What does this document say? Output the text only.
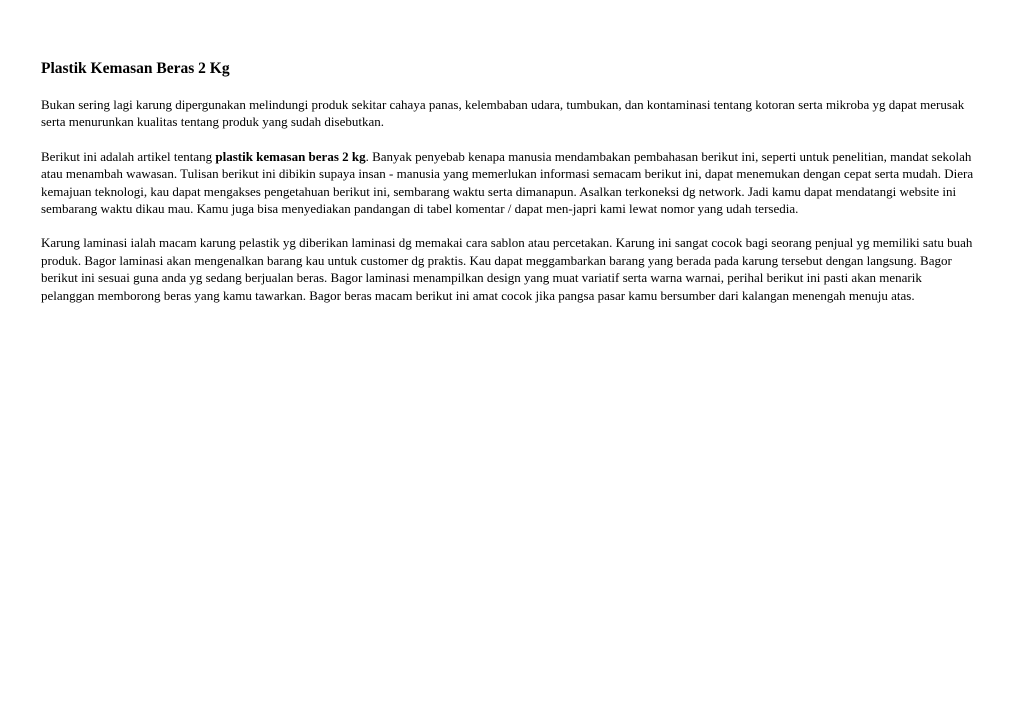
Plastik Kemasan Beras 2 Kg

Bukan sering lagi karung dipergunakan melindungi produk sekitar cahaya panas, kelembaban udara, tumbukan, dan kontaminasi tentang kotoran serta mikroba yg dapat merusak serta menurunkan kualitas tentang produk yang sudah disebutkan.

Berikut ini adalah artikel tentang plastik kemasan beras 2 kg. Banyak penyebab kenapa manusia mendambakan pembahasan berikut ini, seperti untuk penelitian, mandat sekolah atau menambah wawasan. Tulisan berikut ini dibikin supaya insan - manusia yang memerlukan informasi semacam berikut ini, dapat menemukan dengan cepat serta mudah. Diera kemajuan teknologi, kau dapat mengakses pengetahuan berikut ini, sembarang waktu serta dimanapun. Asalkan terkoneksi dg network. Jadi kamu dapat mendatangi website ini sembarang waktu dikau mau. Kamu juga bisa menyediakan pandangan di tabel komentar / dapat men-japri kami lewat nomor yang udah tersedia.

Karung laminasi ialah macam karung pelastik yg diberikan laminasi dg memakai cara sablon atau percetakan. Karung ini sangat cocok bagi seorang penjual yg memiliki satu buah produk. Bagor laminasi akan mengenalkan barang kau untuk customer dg praktis. Kau dapat meggambarkan barang yang berada pada karung tersebut dengan langsung. Bagor berikut ini sesuai guna anda yg sedang berjualan beras. Bagor laminasi menampilkan design yang muat variatif serta warna warnai, perihal berikut ini pasti akan menarik pelanggan memborong beras yang kamu tawarkan. Bagor beras macam berikut ini amat cocok jika pangsa pasar kamu bersumber dari kalangan menengah menuju atas.
